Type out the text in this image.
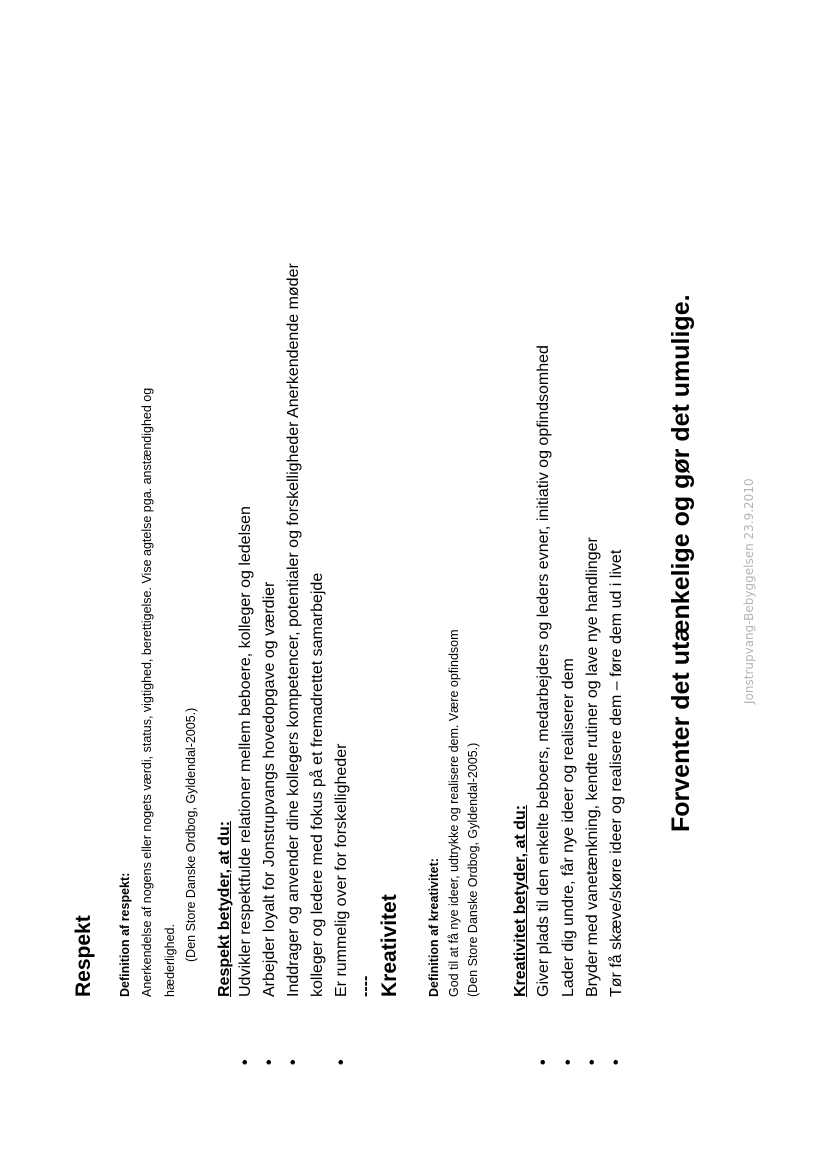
Respekt Definition af respekt: Anerkendelse af nogens eller nogets værdi, status, vigtighed, berettigelse. Vise agtelse pga. anstændighed og hæderlighed. (Den Store Danske Ordbog, Gyldendal-2005.) Respekt betyder, at du:
•
Udvikler respektfulde relationer mellem beboere, kolleger og ledelsen
•
Arbejder loyalt for Jonstrupvangs hovedopgave og værdier
•
Inddrager og anvender dine kollegers kompetencer, potentialer og forskelligheder Anerkendende møder kolleger og ledere med fokus på et fremadrettet samarbejde
•
Er rummelig over for forskelligheder ---- Kreativitet Definition af kreativitet: God til at få nye ideer, udtrykke og realisere dem. Være opfindsom (Den Store Danske Ordbog, Gyldendal-2005.) Kreativitet betyder, at du:
•
Giver plads til den enkelte beboers, medarbejders og leders evner, initiativ og opfindsomhed
•
Lader dig undre, får nye ideer og realiserer dem
•
Bryder med vanetænkning, kendte rutiner og lave nye handlinger
•
Tør få skæve/skøre ideer og realisere dem – føre dem ud i livet Forventer det utænkelige og gør det umulige.	Jonstrupvang-Bebyggelsen 23.9.2010
